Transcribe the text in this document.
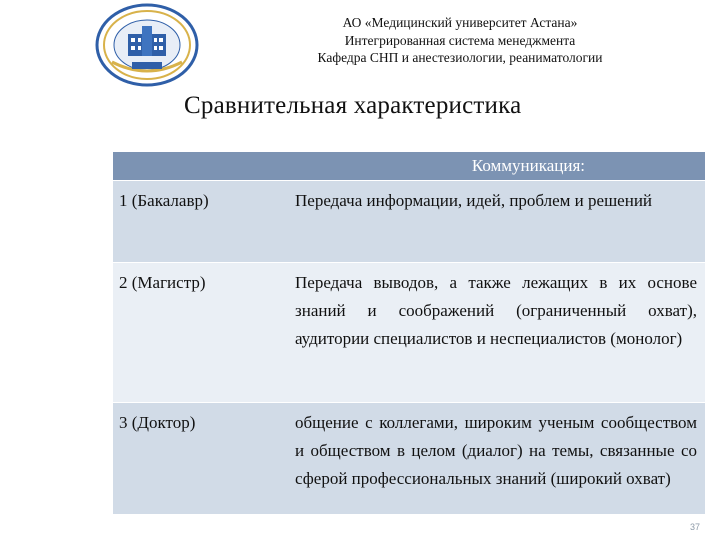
АО «Медицинский университет Астана»
Интегрированная система менеджмента
Кафедра СНП и анестезиологии, реаниматологии
Сравнительная характеристика
Коммуникация:
1 (Бакалавр)	Передача информации, идей, проблем и решений
2 (Магистр)	Передача выводов, а также лежащих в их основе знаний и соображений (ограниченный охват), аудитории специалистов и неспециалистов (монолог)
3 (Доктор)	общение с коллегами, широким ученым сообществом и обществом в целом (диалог) на темы, связанные со сферой профессиональных знаний (широкий охват)
37
